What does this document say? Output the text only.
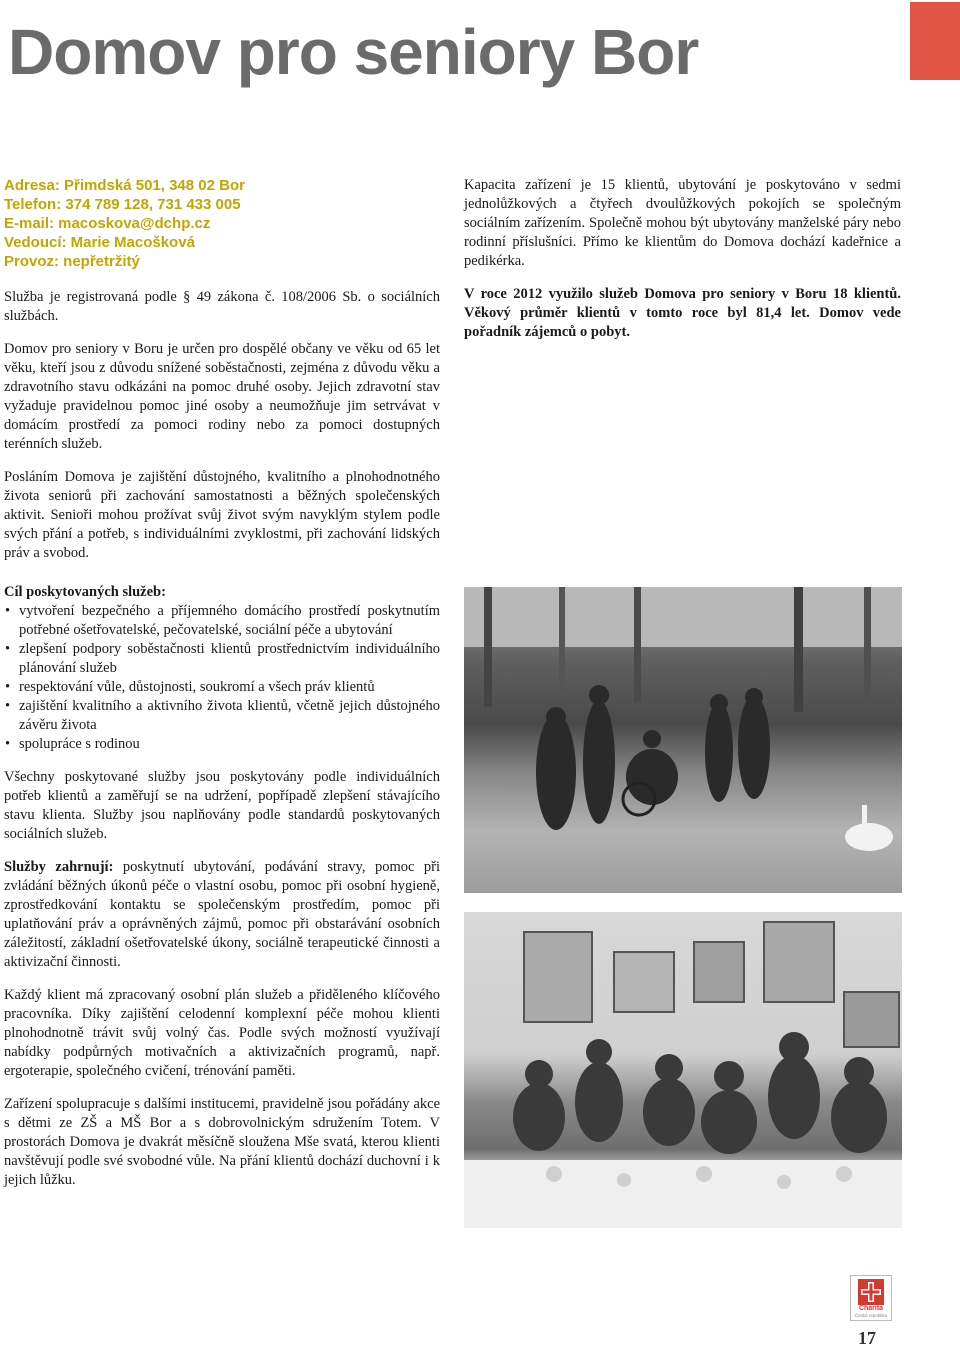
Domov pro seniory Bor
Adresa: Přimdská 501, 348 02 Bor
Telefon: 374 789 128, 731 433 005
E-mail: macoskova@dchp.cz
Vedoucí: Marie Macošková
Provoz: nepřetržitý

Služba je registrovaná podle § 49 zákona č. 108/2006 Sb. o sociálních službách.

Domov pro seniory v Boru je určen pro dospělé občany ve věku od 65 let věku, kteří jsou z důvodu snížené soběstačnosti, zejména z důvodu věku a zdravotního stavu odkázáni na pomoc druhé osoby. Jejich zdravotní stav vyžaduje pravidelnou pomoc jiné osoby a neumožňuje jim setrvávat v domácím prostředí za pomoci rodiny nebo za pomoci dostupných terénních služeb.

Posláním Domova je zajištění důstojného, kvalitního a plnohodnotného života seniorů při zachování samostatnosti a běžných společenských aktivit. Senioři mohou prožívat svůj život svým navyklým stylem podle svých přání a potřeb, s individuálními zvyklostmi, při zachování lidských práv a svobod.

Cíl poskytovaných služeb:
• vytvoření bezpečného a příjemného domácího prostředí poskytnutím potřebné ošetřovatelské, pečovatelské, sociální péče a ubytování
• zlepšení podpory soběstačnosti klientů prostřednictvím individuálního plánování služeb
• respektování vůle, důstojnosti, soukromí a všech práv klientů
• zajištění kvalitního a aktivního života klientů, včetně jejich důstojného závěru života
• spolupráce s rodinou

Všechny poskytované služby jsou poskytovány podle individuálních potřeb klientů a zaměřují se na udržení, popřípadě zlepšení stávajícího stavu klienta. Služby jsou naplňovány podle standardů poskytovaných sociálních služeb.

Služby zahrnují: poskytnutí ubytování, podávání stravy, pomoc při zvládání běžných úkonů péče o vlastní osobu, pomoc při osobní hygieně, zprostředkování kontaktu se společenským prostředím, pomoc při uplatňování práv a oprávněných zájmů, pomoc při obstarávání osobních záležitostí, základní ošetřovatelské úkony, sociálně terapeutické činnosti a aktivizační činnosti.

Každý klient má zpracovaný osobní plán služeb a přiděleného klíčového pracovníka. Díky zajištění celodenní komplexní péče mohou klienti plnohodnotně trávit svůj volný čas. Podle svých možností využívají nabídky podpůrných motivačních a aktivizačních programů, např. ergoterapie, společného cvičení, trénování paměti.

Zařízení spolupracuje s dalšími institucemi, pravidelně jsou pořádány akce s dětmi ze ZŠ a MŠ Bor a s dobrovolnickým sdružením Totem. V prostorách Domova je dvakrát měsíčně sloužena Mše svatá, kterou klienti navštěvují podle své svobodné vůle. Na přání klientů dochází duchovní i k jejich lůžku.

Kapacita zařízení je 15 klientů, ubytování je poskytováno v sedmi jednolůžkových a čtyřech dvoulůžkových pokojích se společným sociálním zařízením. Společně mohou být ubytovány manželské páry nebo rodinní příslušníci. Přímo ke klientům do Domova dochází kadeřnice a pedikérka.

V roce 2012 využilo služeb Domova pro seniory v Boru 18 klientů. Věkový průměr klientů v tomto roce byl 81,4 let. Domov vede pořadník zájemců o pobyt.

Charita
Česká republika
17
